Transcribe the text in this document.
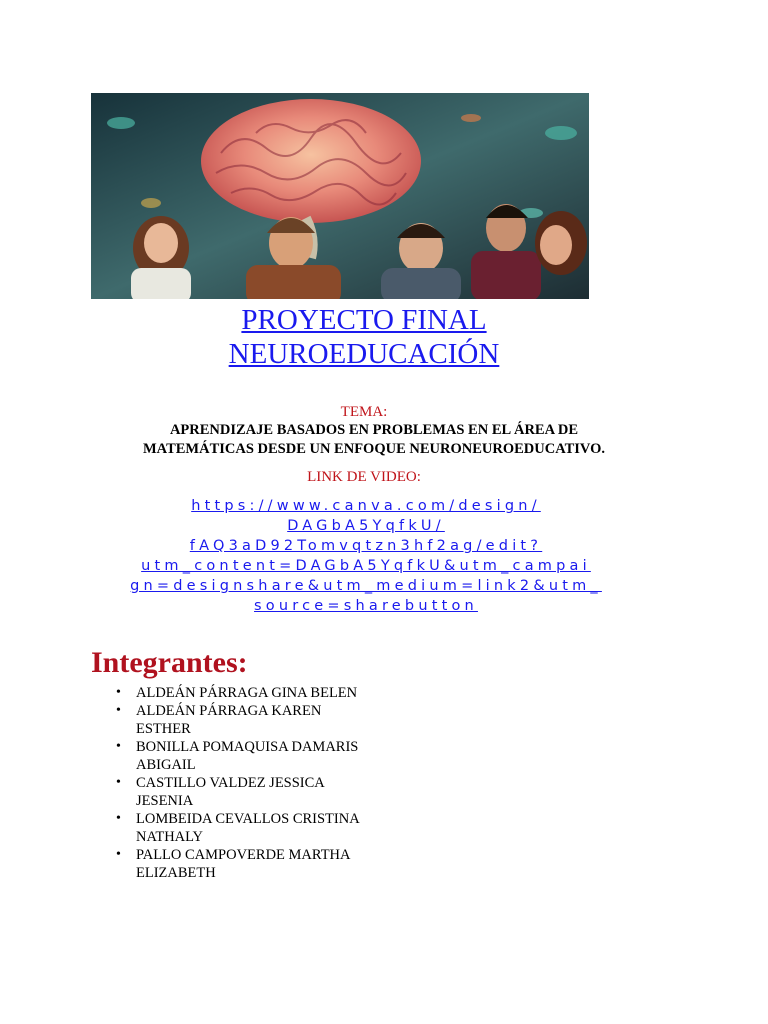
PROYECTO FINAL
NEUROEDUCACIÓN
TEMA:
APRENDIZAJE BASADOS EN PROBLEMAS EN EL ÁREA DE
MATEMÁTICAS DESDE UN ENFOQUE NEURONEUROEDUCATIVO.
LINK DE VIDEO:
https://www.canva.com/design/
DAGbA5YqfkU/
fAQ3aD92Tomvqtzn3hf2ag/edit?
utm_content=DAGbA5YqfkU&utm_campai
gn=designshare&utm_medium=link2&utm_
source=sharebutton
Integrantes:
• ALDEÁN PÁRRAGA GINA BELEN
• ALDEÁN PÁRRAGA KAREN
ESTHER
• BONILLA POMAQUISA DAMARIS
ABIGAIL
• CASTILLO VALDEZ JESSICA
JESENIA
• LOMBEIDA CEVALLOS CRISTINA
NATHALY
• PALLO CAMPOVERDE MARTHA
ELIZABETH
